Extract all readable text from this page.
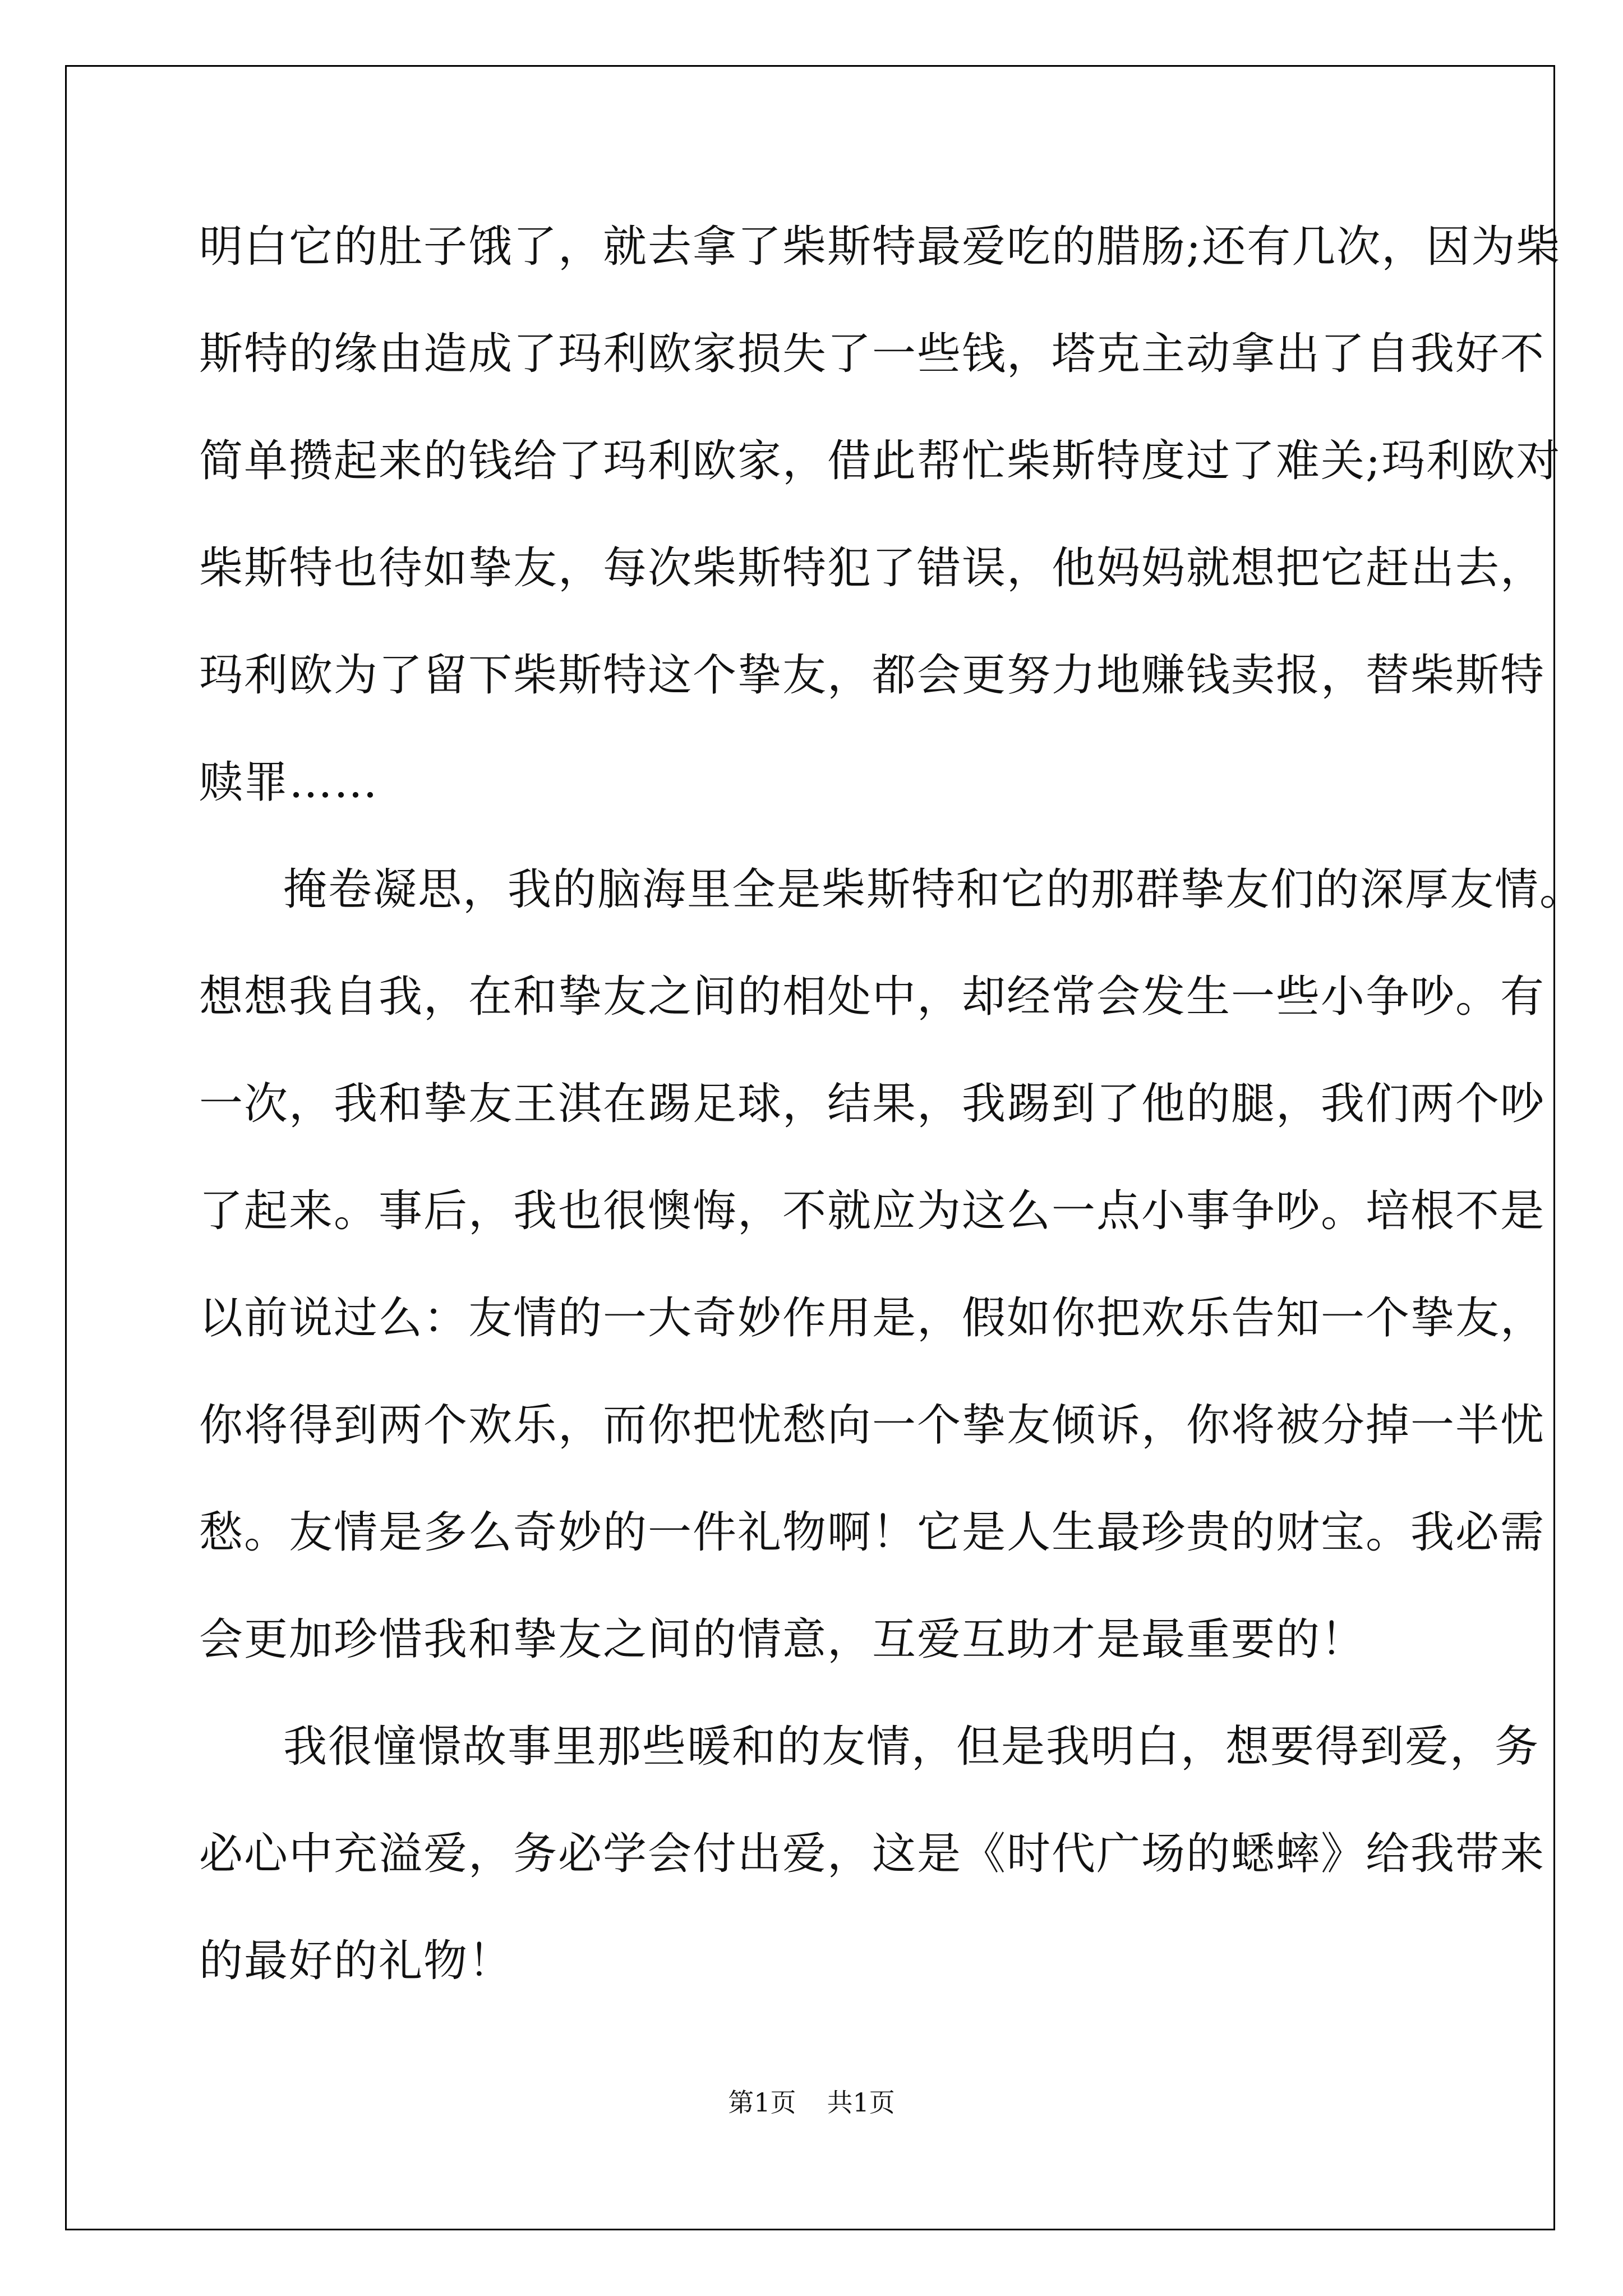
明白它的肚子饿了，就去拿了柴斯特最爱吃的腊肠;还有几次，因为柴
斯特的缘由造成了玛利欧家损失了一些钱，塔克主动拿出了自我好不
简单攒起来的钱给了玛利欧家，借此帮忙柴斯特度过了难关;玛利欧对
柴斯特也待如挚友，每次柴斯特犯了错误，他妈妈就想把它赶出去，
玛利欧为了留下柴斯特这个挚友，都会更努力地赚钱卖报，替柴斯特
赎罪……
掩卷凝思，我的脑海里全是柴斯特和它的那群挚友们的深厚友情。
想想我自我，在和挚友之间的相处中，却经常会发生一些小争吵。有
一次，我和挚友王淇在踢足球，结果，我踢到了他的腿，我们两个吵
了起来。事后，我也很懊悔，不就应为这么一点小事争吵。培根不是
以前说过么：友情的一大奇妙作用是，假如你把欢乐告知一个挚友，
你将得到两个欢乐，而你把忧愁向一个挚友倾诉，你将被分掉一半忧
愁。友情是多么奇妙的一件礼物啊！它是人生最珍贵的财宝。我必需
会更加珍惜我和挚友之间的情意，互爱互助才是最重要的！
我很憧憬故事里那些暖和的友情，但是我明白，想要得到爱，务
必心中充溢爱，务必学会付出爱，这是《时代广场的蟋蟀》给我带来
的最好的礼物！
第1页 共1页
